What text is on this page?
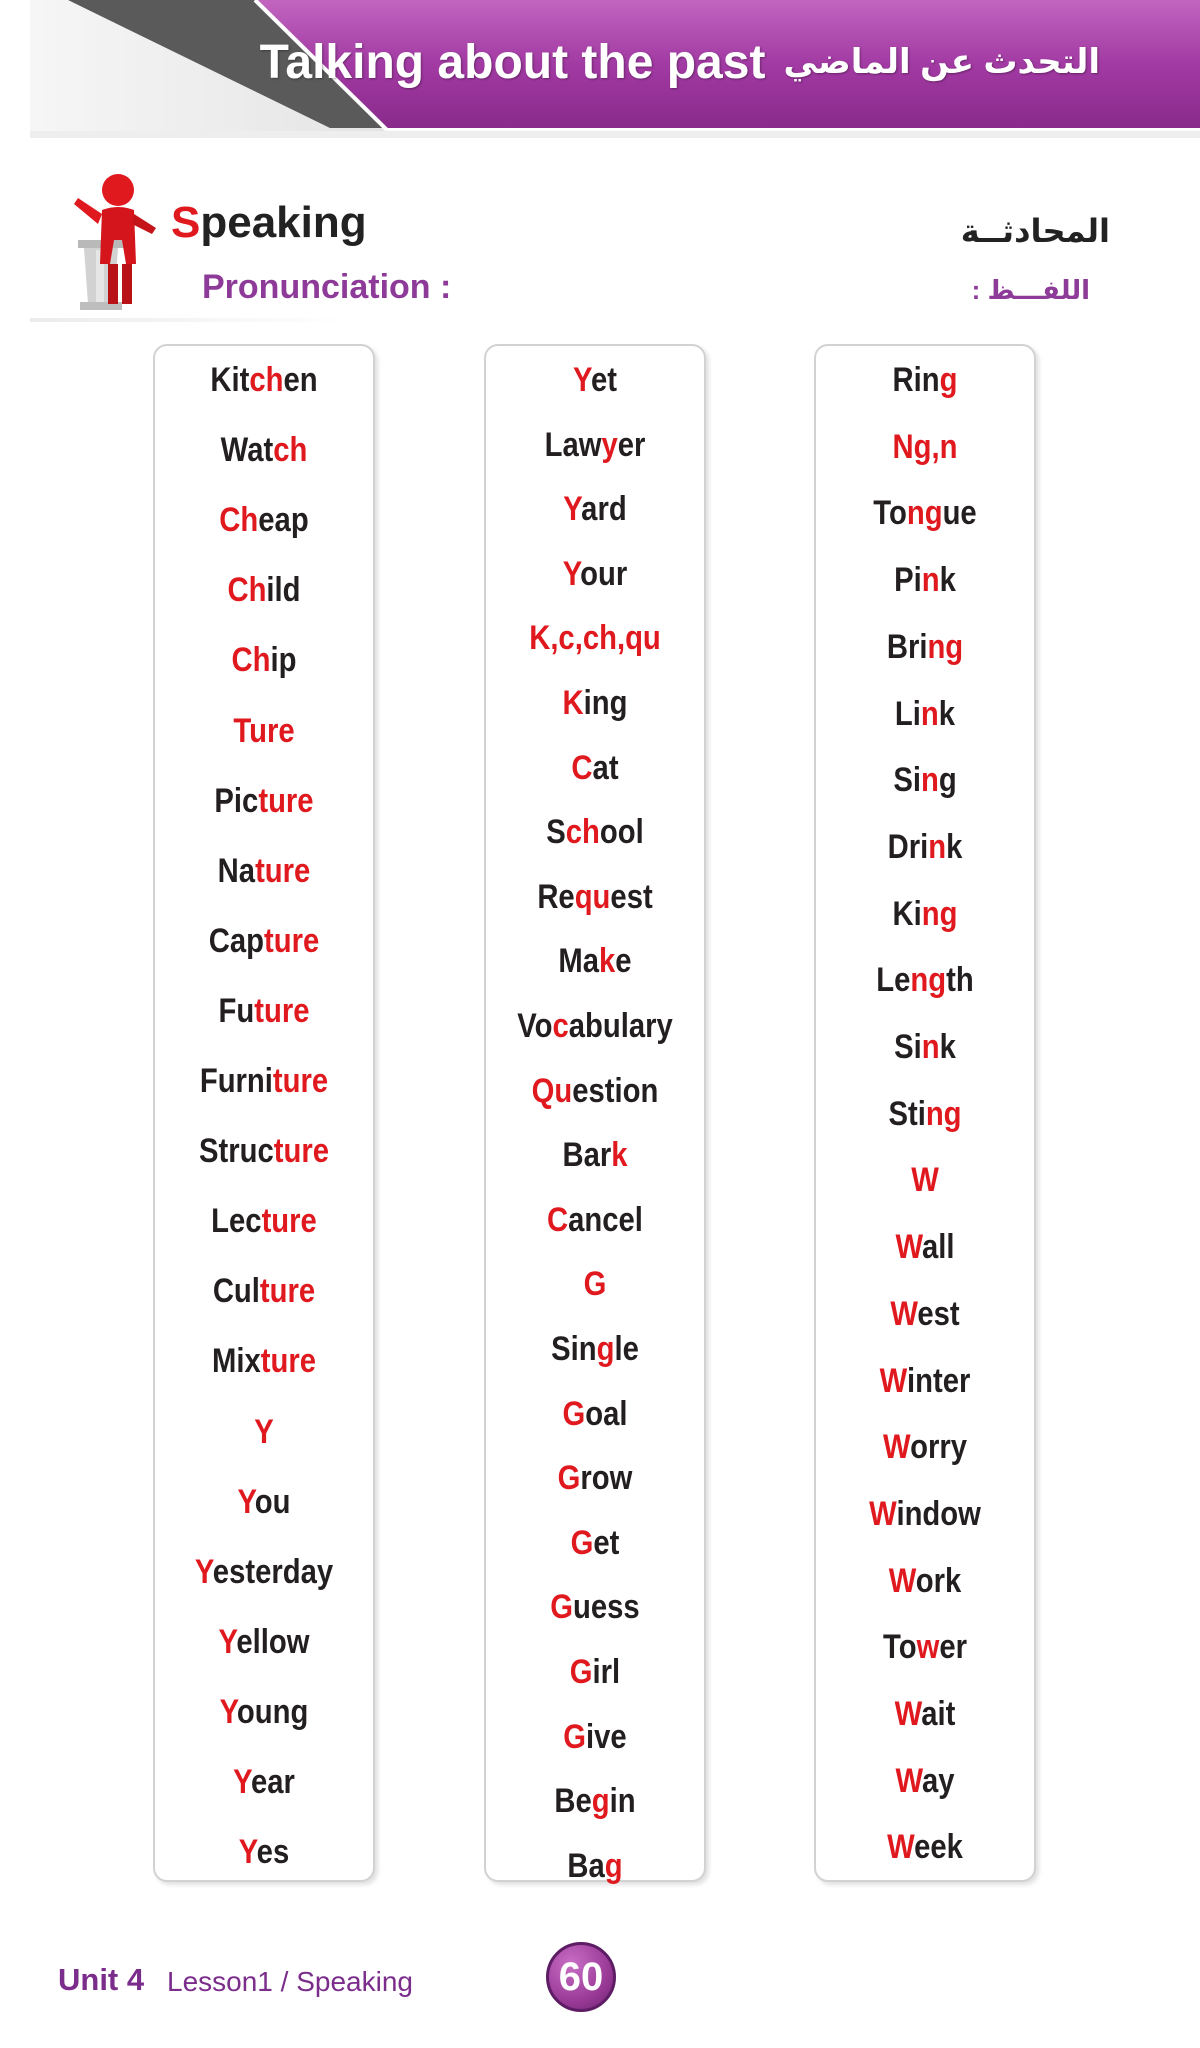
Talking about the past التحدث عن الماضي
Speaking
Pronunciation :
المحادثــة
اللفـــظ :
Kitchen
Watch
Cheap
Child
Chip
Ture
Picture
Nature
Capture
Future
Furniture
Structure
Lecture
Culture
Mixture
Y
You
Yesterday
Yellow
Young
Year
Yes
Yet
Lawyer
Yard
Your
K,c,ch,qu
King
Cat
School
Request
Make
Vocabulary
Question
Bark
Cancel
G
Single
Goal
Grow
Get
Guess
Girl
Give
Begin
Bag
Ring
Ng,n
Tongue
Pink
Bring
Link
Sing
Drink
King
Length
Sink
Sting
W
Wall
West
Winter
Worry
Window
Work
Tower
Wait
Way
Week
Unit 4 Lesson1 / Speaking	60
